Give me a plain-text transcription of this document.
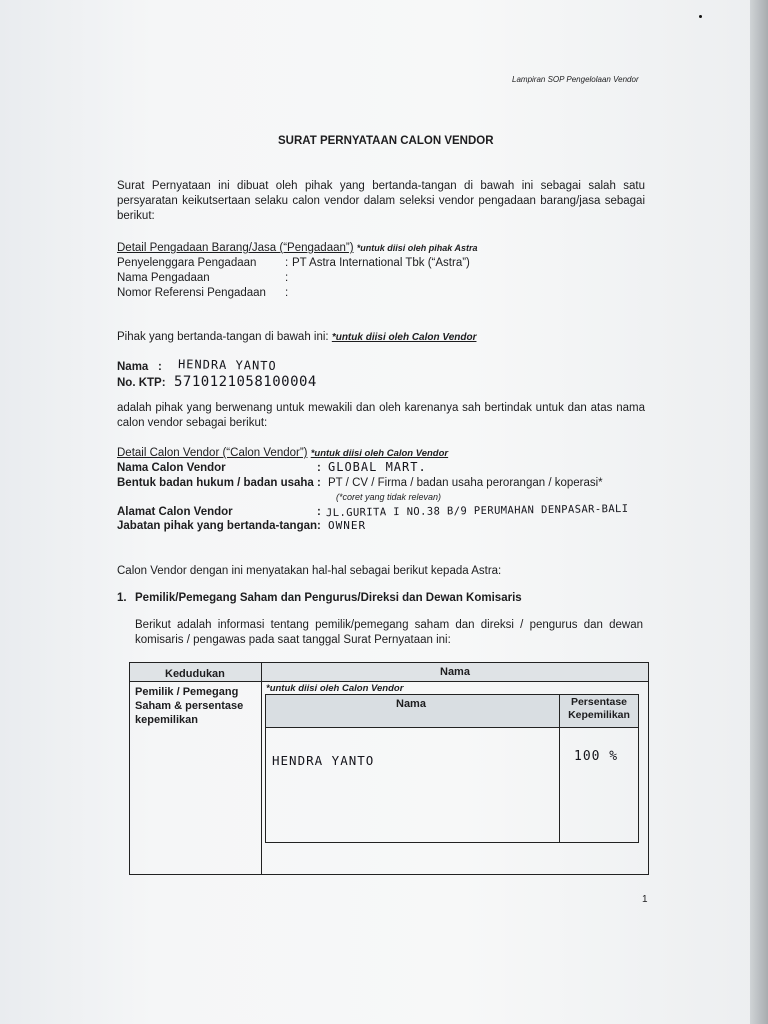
Lampiran SOP Pengelolaan Vendor
SURAT PERNYATAAN CALON VENDOR
Surat Pernyataan ini dibuat oleh pihak yang bertanda-tangan di bawah ini sebagai salah satu persyaratan keikutsertaan selaku calon vendor dalam seleksi vendor pengadaan barang/jasa sebagai berikut:
Detail Pengadaan Barang/Jasa (“Pengadaan”) *untuk diisi oleh pihak Astra
Penyelenggara Pengadaan : PT Astra International Tbk (“Astra”)
Nama Pengadaan	:
Nomor Referensi Pengadaan :
Pihak yang bertanda-tangan di bawah ini: *untuk diisi oleh Calon Vendor
Nama : HENDRA YANTO
No. KTP: 5710121058100004
adalah pihak yang berwenang untuk mewakili dan oleh karenanya sah bertindak untuk dan atas nama calon vendor sebagai berikut:
Detail Calon Vendor (“Calon Vendor”) *untuk diisi oleh Calon Vendor
Nama Calon Vendor	: GLOBAL MART.
Bentuk badan hukum / badan usaha : PT / CV / Firma / badan usaha perorangan / koperasi*
(*coret yang tidak relevan)
Alamat Calon Vendor	: JL.GURITA I NO.38 B/9 PERUMAHAN DENPASAR-BALI
Jabatan pihak yang bertanda-tangan : OWNER
Calon Vendor dengan ini menyatakan hal-hal sebagai berikut kepada Astra:
1. Pemilik/Pemegang Saham dan Pengurus/Direksi dan Dewan Komisaris
Berikut adalah informasi tentang pemilik/pemegang saham dan direksi / pengurus dan dewan komisaris / pengawas pada saat tanggal Surat Pernyataan ini:
Kedudukan	Nama
Pemilik / Pemegang Saham & persentase kepemilikan
*untuk diisi oleh Calon Vendor
Nama	Persentase Kepemilikan
HENDRA YANTO	100 %
1
